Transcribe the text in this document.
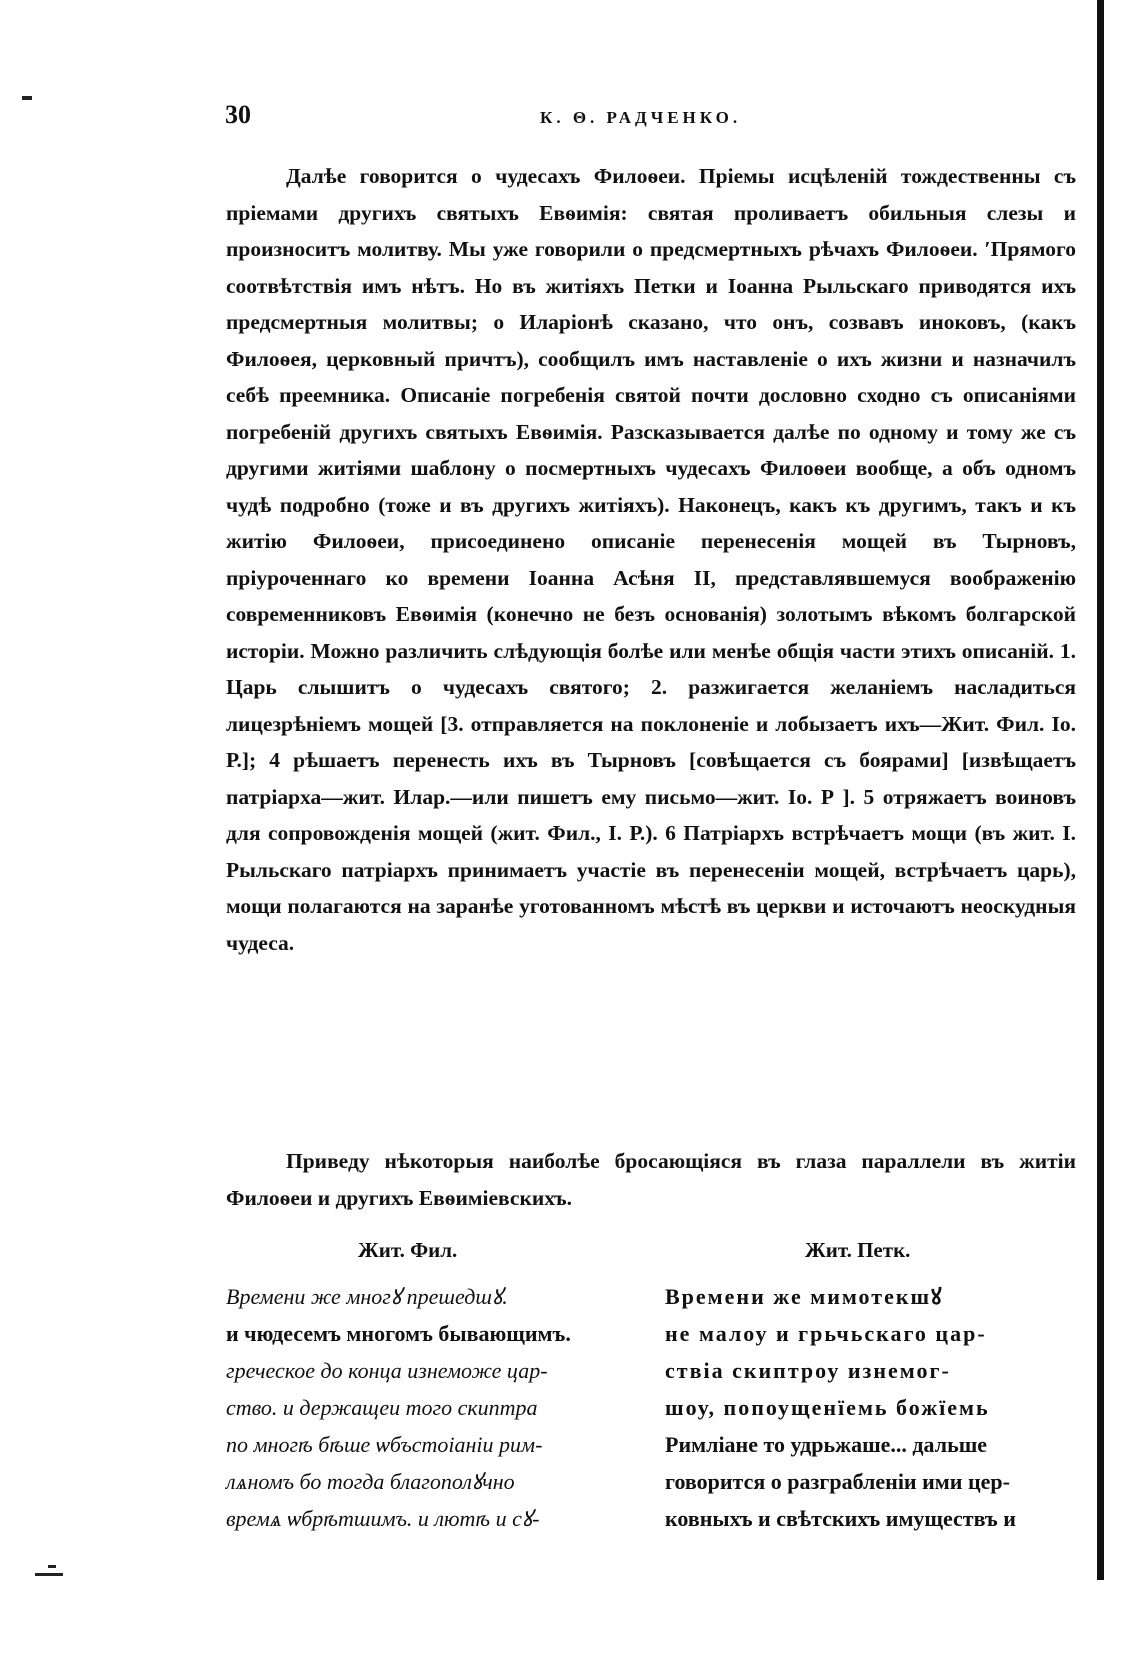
30	К. Θ. РАДЧЕНКО.
Далѣе говорится о чудесахъ Филоѳеи. Пріемы исцѣленій тождественны съ пріемами другихъ святыхъ Евѳимія: святая проливаетъ обильныя слезы и произноситъ молитву. Мы уже говорили о предсмертныхъ рѣчахъ Филоѳеи. ʹПрямого соотвѣтствія имъ нѣтъ. Но въ житіяхъ Петки и Іоанна Рыльскаго приводятся ихъ предсмертныя молитвы; о Иларіонѣ сказано, что онъ, созвавъ иноковъ, (какъ Филоѳея, церковный причтъ), сообщилъ имъ наставленіе о ихъ жизни и назначилъ себѣ преемника. Описаніе погребенія святой почти дословно сходно съ описаніями погребеній другихъ святыхъ Евѳимія. Разсказывается далѣе по одному и тому же съ другими житіями шаблону о посмертныхъ чудесахъ Филоѳеи вообще, а объ одномъ чудѣ подробно (тоже и въ другихъ житіяхъ). Наконецъ, какъ къ другимъ, такъ и къ житію Филоѳеи, присоединено описаніе перенесенія мощей въ Тырновъ, пріуроченнаго ко времени Іоанна Асѣня II, представлявшемуся воображенію современниковъ Евѳимія (конечно не безъ основанія) золотымъ вѣкомъ болгарской исторіи. Можно различить слѣдующія болѣе или менѣе общія части этихъ описаній. 1. Царь слышитъ о чудесахъ святого; 2. разжигается желаніемъ насладиться лицезрѣніемъ мощей [3. отправляется на поклоненіе и лобызаетъ ихъ—Жит. Фил. Іо. Р.]; 4 рѣшаетъ перенесть ихъ въ Тырновъ [совѣщается съ боярами] [извѣщаетъ патріарха—жит. Илар.—или пишетъ ему письмо—жит. Іо. Р ]. 5 отряжаетъ воиновъ для сопровожденія мощей (жит. Фил., І. Р.). 6 Патріархъ встрѣчаетъ мощи (въ жит. І. Рыльскаго патріархъ принимаетъ участіе въ перенесеніи мощей, встрѣчаетъ царь), мощи полагаются на заранѣе уготованномъ мѣстѣ въ церкви и источаютъ неоскудныя чудеса.
Приведу нѣкоторыя наиболѣе бросающіяся въ глаза параллели въ житіи Филоѳеи и другихъ Евѳиміевскихъ.
Жит. Фил.	Жит. Петк.
Времени же многꙋ прешедшꙋ.
и чюдесемъ многомъ бывающимъ.
греческое до конца изнеможе цар-
ство. и держащеи того скиптра
по многѣ бѣше ѡбъстоіаніи рим-
лѧномъ бо тогда благополꙋчно
времѧ ѡбрѣтшимъ. и лютѣ и сꙋ-
Времени же мимотекшꙋ
не малоу и грьчьскаго цар-
ствіа скиптроу изнемог-
шоу, попоущенїемь божїемь
Римлiане то удрьжаше... дальше
говорится о разграбленіи ими цер-
ковныхъ и свѣтскихъ имуществъ и
